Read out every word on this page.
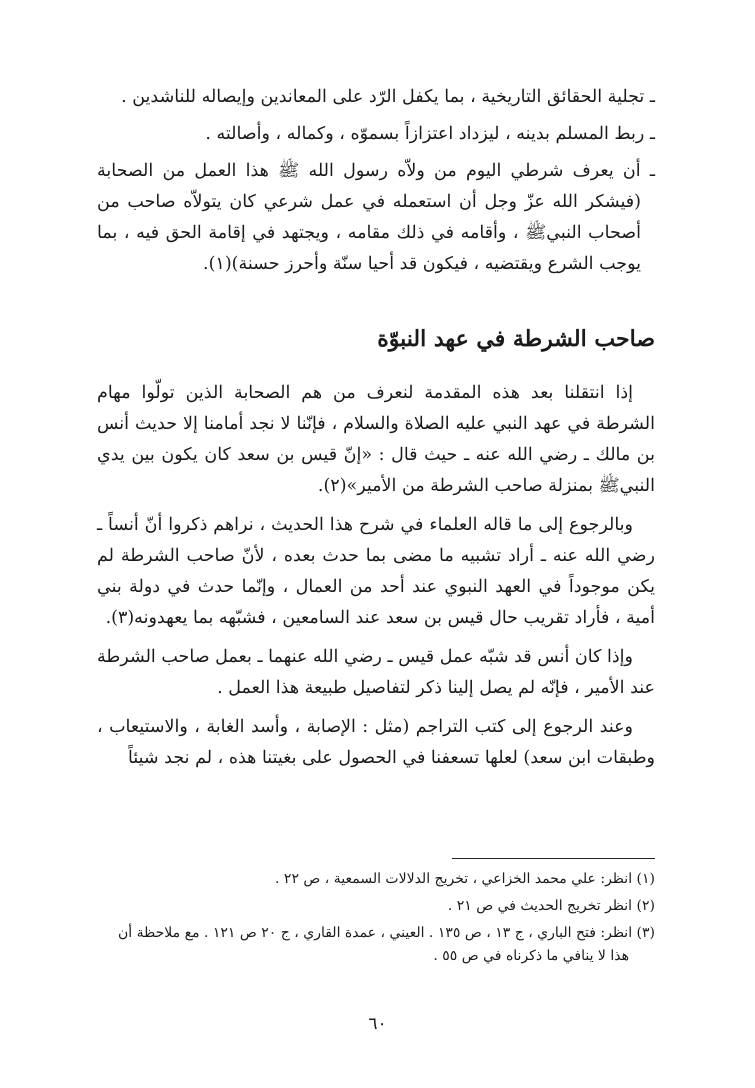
ـ تجلية الحقائق التاريخية ، بما يكفل الرّد على المعاندين وإيصاله للناشدين .

ـ ربط المسلم بدينه ، ليزداد اعتزازاً بسموّه ، وكماله ، وأصالته .

ـ أن يعرف شرطي اليوم من ولاّه رسول الله ﷺ هذا العمل من الصحابة (فيشكر الله عزّ وجل أن استعمله في عمل شرعي كان يتولاّه صاحب من أصحاب النبيﷺ ، وأقامه في ذلك مقامه ، ويجتهد في إقامة الحق فيه ، بما يوجب الشرع ويقتضيه ، فيكون قد أحيا سنّة وأحرز حسنة)(١).

صاحب الشرطة في عهد النبوّة

إذا انتقلنا بعد هذه المقدمة لنعرف من هم الصحابة الذين تولّوا مهام الشرطة في عهد النبي عليه الصلاة والسلام ، فإنّنا لا نجد أمامنا إلا حديث أنس بن مالك ـ رضي الله عنه ـ حيث قال : «إنّ قيس بن سعد كان يكون بين يدي النبيﷺ بمنزلة صاحب الشرطة من الأمير»(٢).

وبالرجوع إلى ما قاله العلماء في شرح هذا الحديث ، نراهم ذكروا أنّ أنساً ـ رضي الله عنه ـ أراد تشبيه ما مضى بما حدث بعده ، لأنّ صاحب الشرطة لم يكن موجوداً في العهد النبوي عند أحد من العمال ، وإنّما حدث في دولة بني أمية ، فأراد تقريب حال قيس بن سعد عند السامعين ، فشبّهه بما يعهدونه(٣).

وإذا كان أنس قد شبّه عمل قيس ـ رضي الله عنهما ـ بعمل صاحب الشرطة عند الأمير ، فإنّه لم يصل إلينا ذكر لتفاصيل طبيعة هذا العمل .

وعند الرجوع إلى كتب التراجم (مثل : الإصابة ، وأسد الغابة ، والاستيعاب ، وطبقات ابن سعد) لعلها تسعفنا في الحصول على بغيتنا هذه ، لم نجد شيئاً

(١) انظر: علي محمد الخزاعي ، تخريج الدلالات السمعية ، ص ٢٢ .

(٢) انظر تخريج الحديث في ص ٢١ .

(٣) انظر: فتح الباري ، ج ١٣ ، ص ١٣٥ . العيني ، عمدة القاري ، ج ٢٠ ص ١٢١ . مع ملاحظة أن هذا لا ينافي ما ذكرناه في ص ٥٥ .

٦٠
